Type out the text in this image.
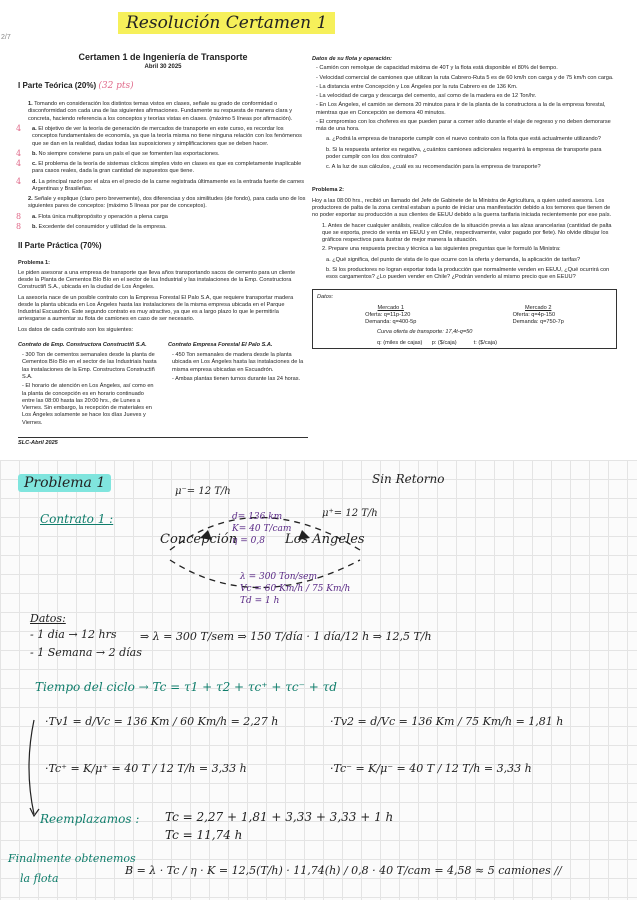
Resolución Certamen 1
2/7
Certamen 1 de Ingeniería de Transporte
Abril 30 2025
I Parte Teórica (20%) (32 pts)
1. Tomando en consideración los distintos temas vistos en clases, señale su grado de conformidad o disconformidad con cada una de las siguientes afirmaciones. Fundamente su respuesta de manera clara y concreta, haciendo referencia a los conceptos y teorías vistas en clases. (máximo 5 líneas por afirmación).
4 a. El objetivo de ver la teoría de generación de mercados de transporte en este curso, es recordar los conceptos fundamentales de economía, ya que la teoría misma no tiene ninguna relación con los fenómenos que se dan en la realidad, dadas todas las suposiciones y simplificaciones que se deben hacer.
4 b. No siempre conviene para un país el que se fomenten las exportaciones.
4 c. El problema de la teoría de sistemas cíclicos simples visto en clases es que es completamente inaplicable para casos reales, dada la gran cantidad de supuestos que tiene.
4 d. La principal razón por el alza en el precio de la carne registrada últimamente es la entrada fuerte de carnes Argentinas y Brasileñas.
2. Señale y explique (claro pero brevemente), dos diferencias y dos similitudes (de fondo), para cada uno de los siguientes pares de conceptos: (máximo 5 líneas por par de conceptos).
8 a. Flota única multipropósito y operación a plena carga
8 b. Excedente del consumidor y utilidad de la empresa.
II Parte Práctica (70%)
Problema 1:
Le piden asesorar a una empresa de transporte que lleva años transportando sacos de cemento para un cliente desde la Planta de Cementos Bío Bío en el sector de las Industrial y las instalaciones de la Emp. Constructora Constructiñ S.A., ubicada en la ciudad de Los Ángeles.
La asesoría nace de un posible contrato con la Empresa Forestal El Palo S.A, que requiere transportar madera desde la planta ubicada en Los Ángeles hasta las instalaciones de la misma empresa ubicada en el Parque Industrial Escuadrón. Este segundo contrato es muy atractivo, ya que es a largo plazo lo que le permitiría arriesgarse a aumentar su flota de camiones en caso de ser necesario.
Los datos de cada contrato son los siguientes:
Contrato de Emp. Constructora Constructiñ S.A.
- 300 Ton de cementos semanales desde la planta de Cementos Bío Bío en el sector de las Industriais hasta las instalaciones de la Emp. Constructora Constructiñ S.A.
- El horario de atención en Los Ángeles, así como en la planta de concepción es en horario continuado entre las 08:00 hasta las 20:00 hrs., de Lunes a Viernes. Sin embargo, la recepción de materiales en Los Ángeles solamente se hace los días Jueves y Viernes.
Contrato Empresa Forestal El Palo S.A.
- 450 Ton semanales de madera desde la planta ubicada en Los Ángeles hasta las instalaciones de la misma empresa ubicadas en Escuadrón.
- Ambas plantas tienen turnos durante las 24 horas.
SLC-Abril 2025
Datos de su flota y operación:
- Camión con remolque de capacidad máxima de 40T y la flota está disponible el 80% del tiempo.
- Velocidad comercial de camiones que utilizan la ruta Cabrero-Ruta 5 es de 60 km/h con carga y de 75 km/h con carga.
- La distancia entre Concepción y Los Ángeles por la ruta Cabrero es de 136 Km.
- La velocidad de carga y descarga del cemento, así como de la madera es de 12 Ton/hr.
- En Los Ángeles, el camión se demora 20 minutos para ir de la planta de la constructora a la de la empresa forestal, mientras que en Concepción se demora 40 minutos.
- El compromiso con los choferes es que pueden parar a comer sólo durante el viaje de regreso y no deben demorarse más de una hora.
a. ¿Podrá la empresa de transporte cumplir con el nuevo contrato con la flota que está actualmente utilizando?
b. Si la respuesta anterior es negativa, ¿cuántos camiones adicionales requerirá la empresa de transporte para poder cumplir con los dos contratos?
c. A la luz de sus cálculos, ¿cuál es su recomendación para la empresa de transporte?
Problema 2:
Hoy a las 08:00 hrs., recibió un llamado del Jefe de Gabinete de la Ministra de Agricultura, a quien usted asesora. Los productores de palta de la zona central estaban a punto de iniciar una manifestación debido a los temores que tienen de no poder exportar su producción a sus clientes de EEUU debido a la guerra tarifaria iniciada recientemente por ese país.
1. Antes de hacer cualquier análisis, realice cálculos de la situación previa a las alzas arancelarias (cantidad de palta que se exporta, precio de venta en EEUU y en Chile, respectivamente, valor pagado por flete). No olvide dibujar los gráficos respectivos para ilustrar de mejor manera la situación.
2. Prepare una respuesta precisa y técnica a las siguientes preguntas que le formuló la Ministra:
a. ¿Qué significa, del punto de vista de lo que ocurre con la oferta y demanda, la aplicación de tarifas?
b. Si los productores no logran exportar toda la producción que normalmente venden en EEUU, ¿Qué ocurrirá con esos cargamentos? ¿Lo pueden vender en Chile? ¿Podrán venderlo al mismo precio que en EEUU?
Datos:
Mercado 1
Oferta: q=11p-120
Demanda: q=400-5p
Mercado 2
Oferta: q=4p-150
Demanda: q=750-7p
Curva oferta de transporte: 17,4t-q=50
q: (miles de cajas)      p: ($/caja)           t: ($/caja)
Problema 1	Sin Retorno
Contrato 1 :
μ⁻= 12 T/h
μ⁺= 12 T/h
d= 136 km
K= 40 T/cam
η = 0,8
Concepción	Los Angeles
λ = 300 Ton/sem
Vc = 60 Km/h / 75 Km/h
Td = 1 h
Datos:
- 1 dia → 12 hrs
- 1 Semana → 2 días
⇒ λ = 300 T/sem ⇒ 150 T/día · 1 día/12 h ⇒ 12,5 T/h
Tiempo del ciclo → Tc = τ1 + τ2 + τc⁺ + τc⁻ + τd
·Tv1 = d/Vc = 136 Km / 60 Km/h = 2,27 h	·Tv2 = d/Vc = 136 Km / 75 Km/h = 1,81 h
·Tc⁺ = K/μ⁺ = 40 T / 12 T/h = 3,33 h	·Tc⁻ = K/μ⁻ = 40 T / 12 T/h = 3,33 h
Reemplazamos : Tc = 2,27 + 1,81 + 3,33 + 3,33 + 1 h
Tc = 11,74 h
Finalmente obtenemos
la flota
B = λ · Tc / η · K = 12,5(T/h) · 11,74(h) / 0,8 · 40 T/cam = 4,58 ≈ 5 camiones //
